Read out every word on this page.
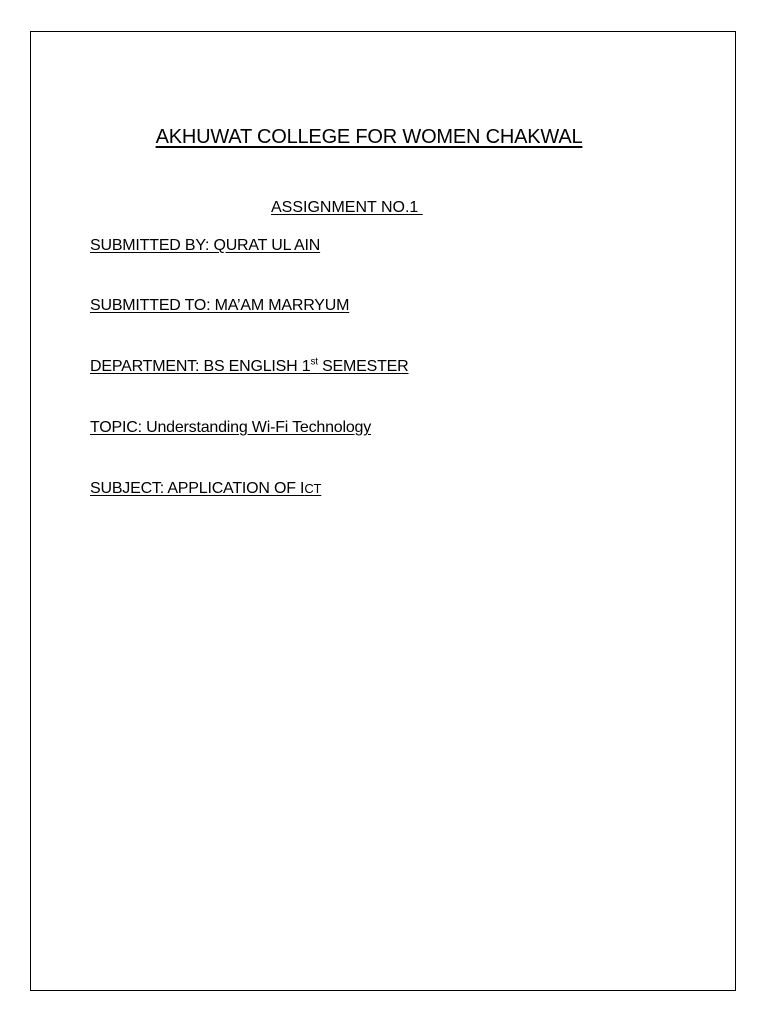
AKHUWAT COLLEGE FOR WOMEN CHAKWAL

ASSIGNMENT NO.1

SUBMITTED BY: QURAT UL AIN

SUBMITTED TO: MA’AM MARRYUM

DEPARTMENT: BS ENGLISH 1st SEMESTER

TOPIC: Understanding Wi-Fi Technology

SUBJECT: APPLICATION OF ICT
